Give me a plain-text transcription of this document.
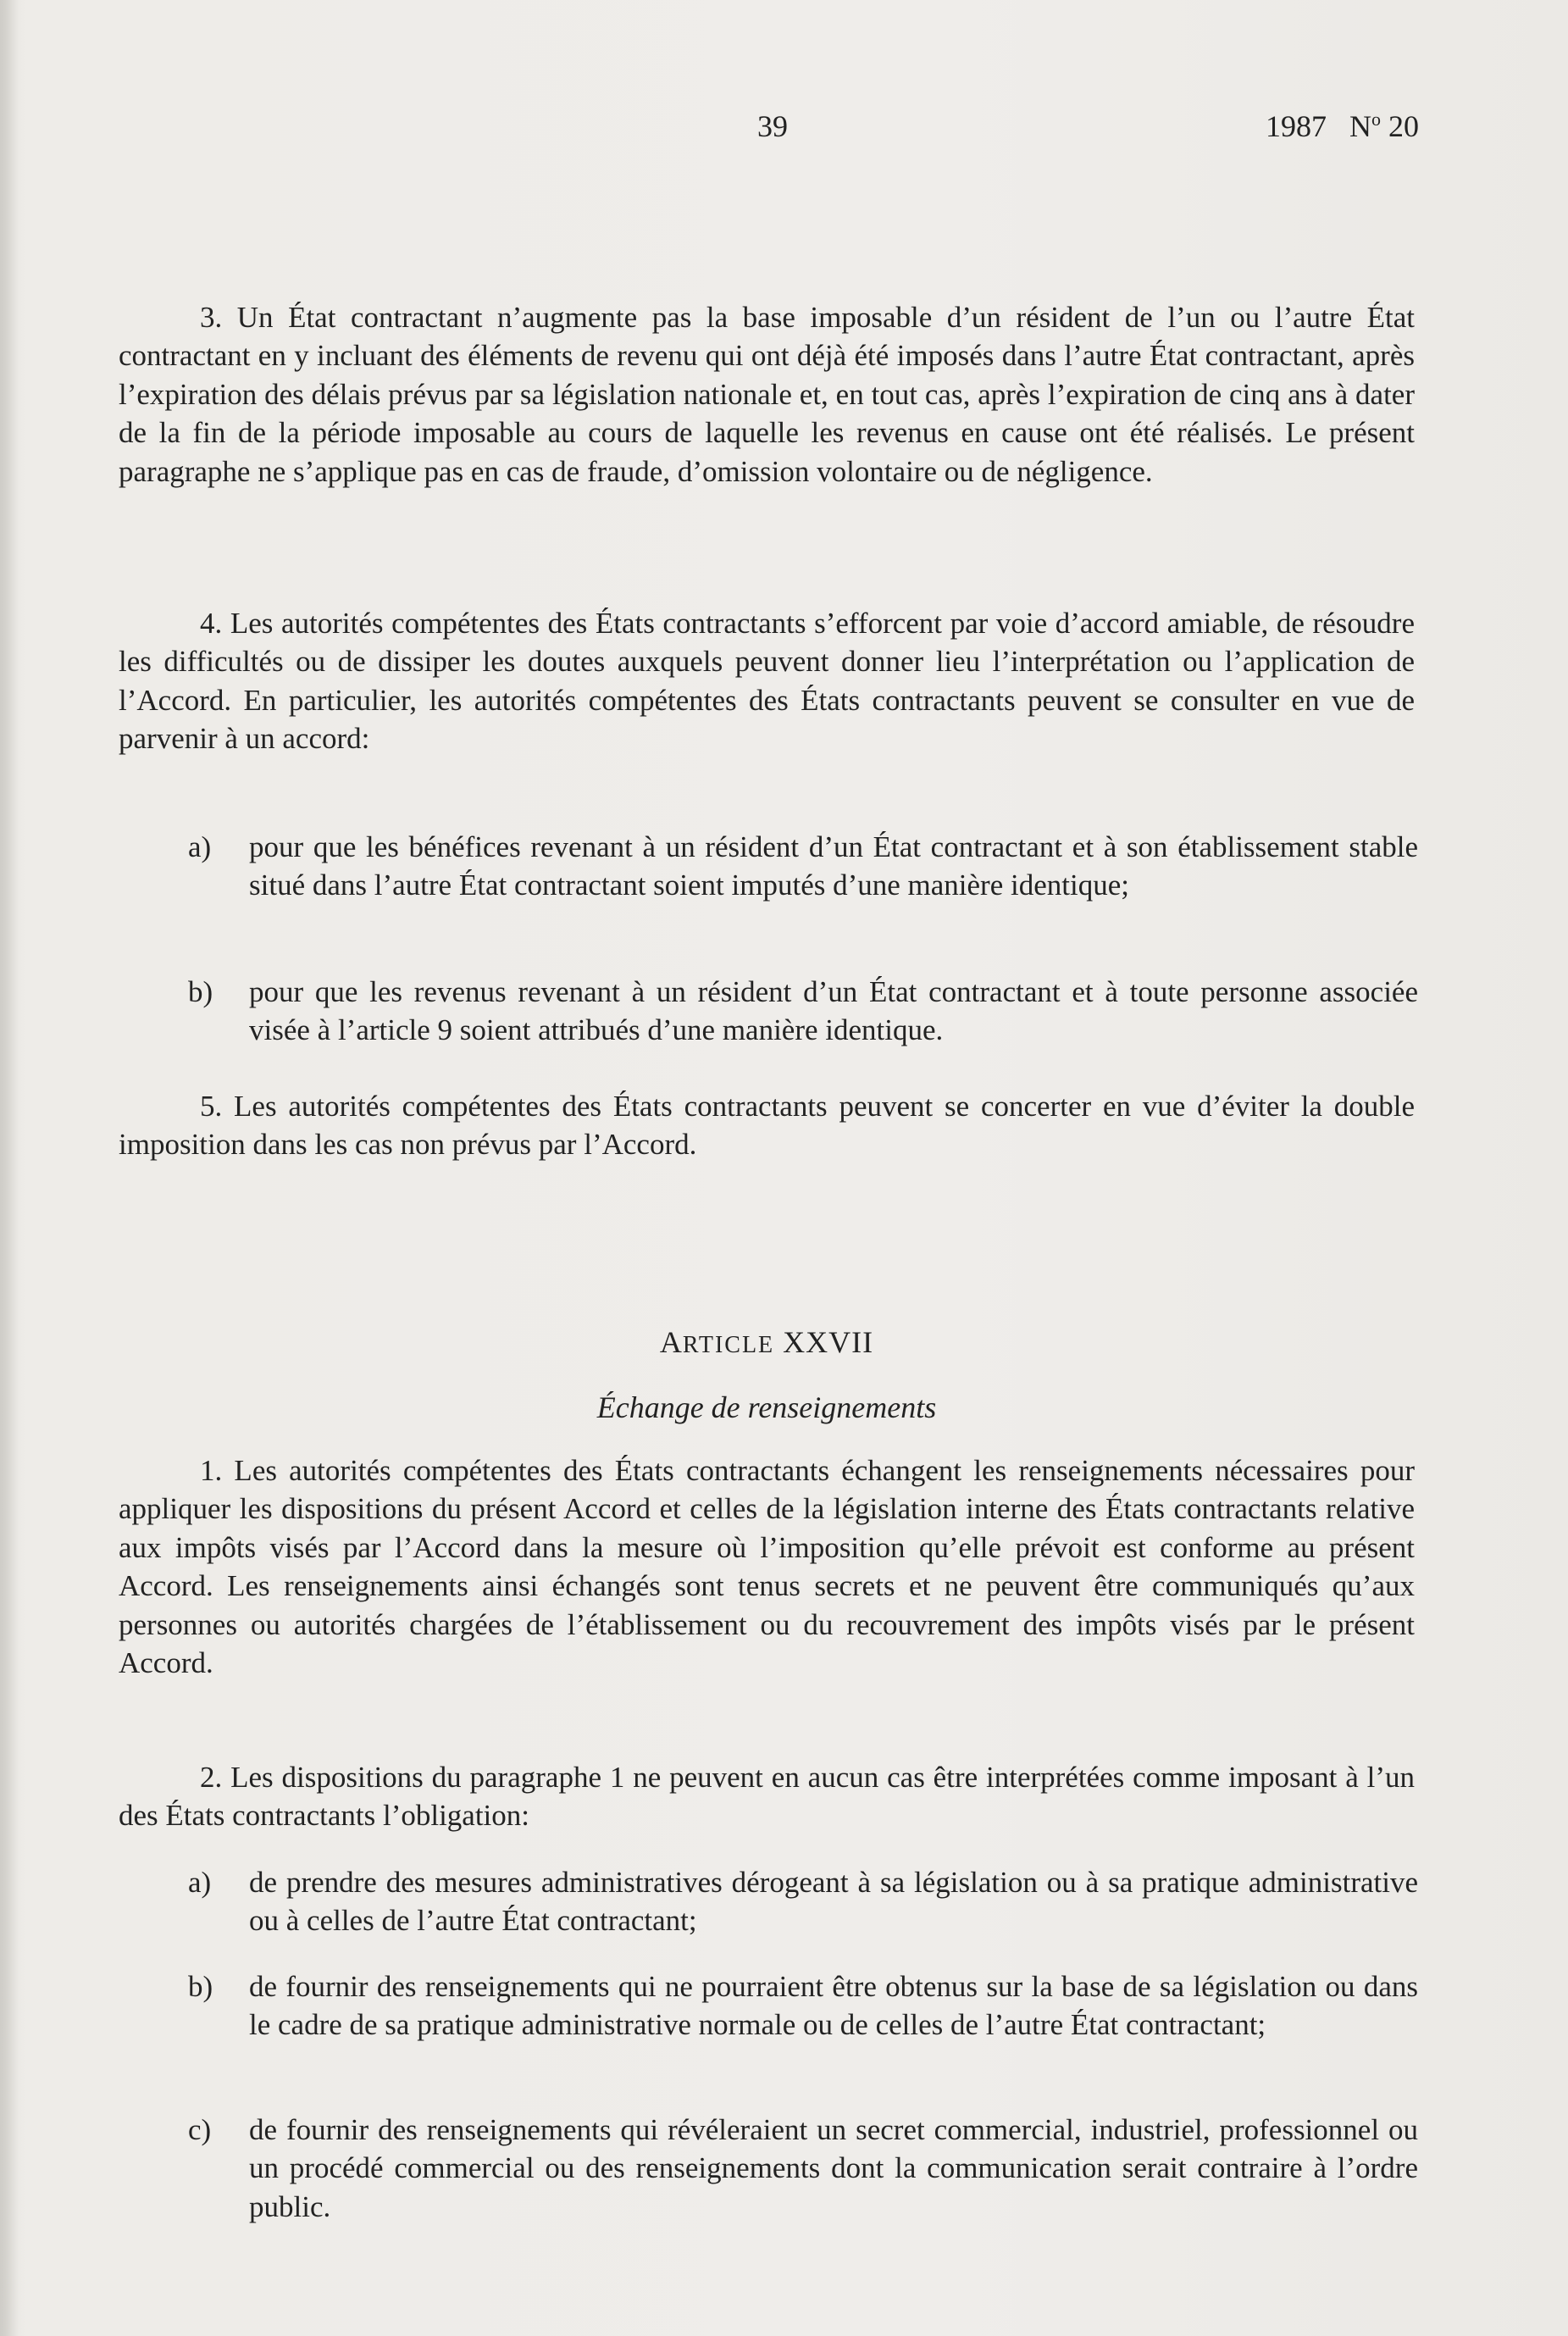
39	1987 $N^o$ 20

3. Un État contractant n’augmente pas la base imposable d’un résident de l’un ou l’autre État contractant en y incluant des éléments de revenu qui ont déjà été imposés dans l’autre État contractant, après l’expiration des délais prévus par sa législation nationale et, en tout cas, après l’expiration de cinq ans à dater de la fin de la période imposable au cours de laquelle les revenus en cause ont été réalisés. Le présent paragraphe ne s’applique pas en cas de fraude, d’omission volontaire ou de négligence.

4. Les autorités compétentes des États contractants s’efforcent par voie d’accord amiable, de résoudre les difficultés ou de dissiper les doutes auxquels peuvent donner lieu l’interprétation ou l’application de l’Accord. En particulier, les autorités compétentes des États contractants peuvent se consulter en vue de parvenir à un accord:

a) pour que les bénéfices revenant à un résident d’un État contractant et à son établissement stable situé dans l’autre État contractant soient imputés d’une manière identique;
b) pour que les revenus revenant à un résident d’un État contractant et à toute personne associée visée à l’article 9 soient attribués d’une manière identique.

5. Les autorités compétentes des États contractants peuvent se concerter en vue d’éviter la double imposition dans les cas non prévus par l’Accord.

ARTICLE XXVII
Échange de renseignements

1. Les autorités compétentes des États contractants échangent les renseignements nécessaires pour appliquer les dispositions du présent Accord et celles de la législation interne des États contractants relative aux impôts visés par l’Accord dans la mesure où l’imposition qu’elle prévoit est conforme au présent Accord. Les renseignements ainsi échangés sont tenus secrets et ne peuvent être communiqués qu’aux personnes ou autorités chargées de l’établissement ou du recouvrement des impôts visés par le présent Accord.

2. Les dispositions du paragraphe 1 ne peuvent en aucun cas être interprétées comme imposant à l’un des États contractants l’obligation:

a) de prendre des mesures administratives dérogeant à sa législation ou à sa pratique administrative ou à celles de l’autre État contractant;
b) de fournir des renseignements qui ne pourraient être obtenus sur la base de sa législation ou dans le cadre de sa pratique administrative normale ou de celles de l’autre État contractant;
c) de fournir des renseignements qui révéleraient un secret commercial, industriel, professionnel ou un procédé commercial ou des renseignements dont la communication serait contraire à l’ordre public.
